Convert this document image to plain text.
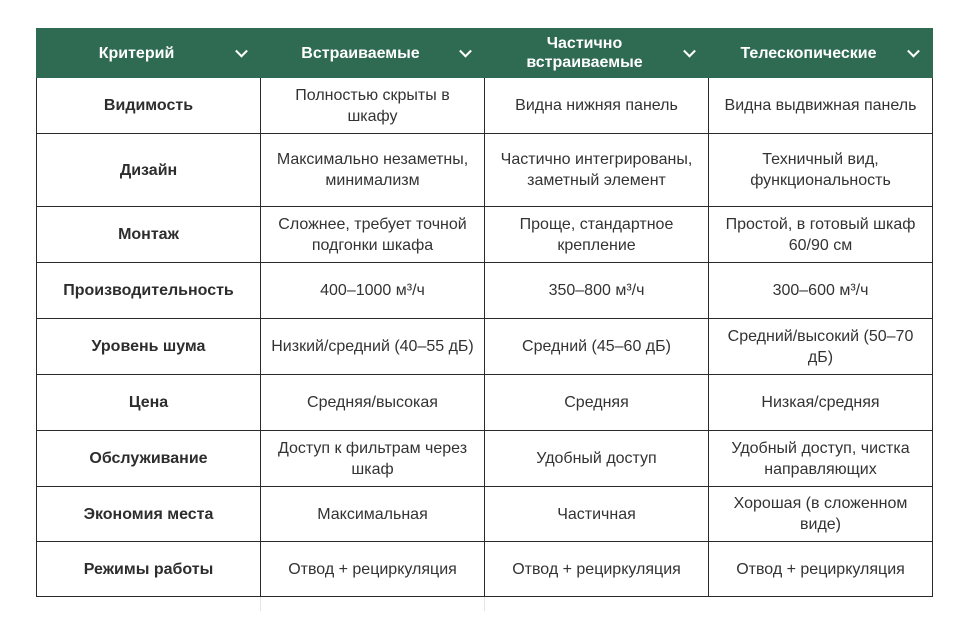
Критерий	Встраиваемые	Частично встраиваемые	Телескопические

Видимость	Полностью скрыты в шкафу	Видна нижняя панель	Видна выдвижная панель
Дизайн	Максимально незаметны, минимализм	Частично интегрированы, заметный элемент	Техничный вид, функциональность
Монтаж	Сложнее, требует точной подгонки шкафа	Проще, стандартное крепление	Простой, в готовый шкаф 60/90 см
Производительность	400–1000 м³/ч	350–800 м³/ч	300–600 м³/ч
Уровень шума	Низкий/средний (40–55 дБ)	Средний (45–60 дБ)	Средний/высокий (50–70 дБ)
Цена	Средняя/высокая	Средняя	Низкая/средняя
Обслуживание	Доступ к фильтрам через шкаф	Удобный доступ	Удобный доступ, чистка направляющих
Экономия места	Максимальная	Частичная	Хорошая (в сложенном виде)
Режимы работы	Отвод + рециркуляция	Отвод + рециркуляция	Отвод + рециркуляция
